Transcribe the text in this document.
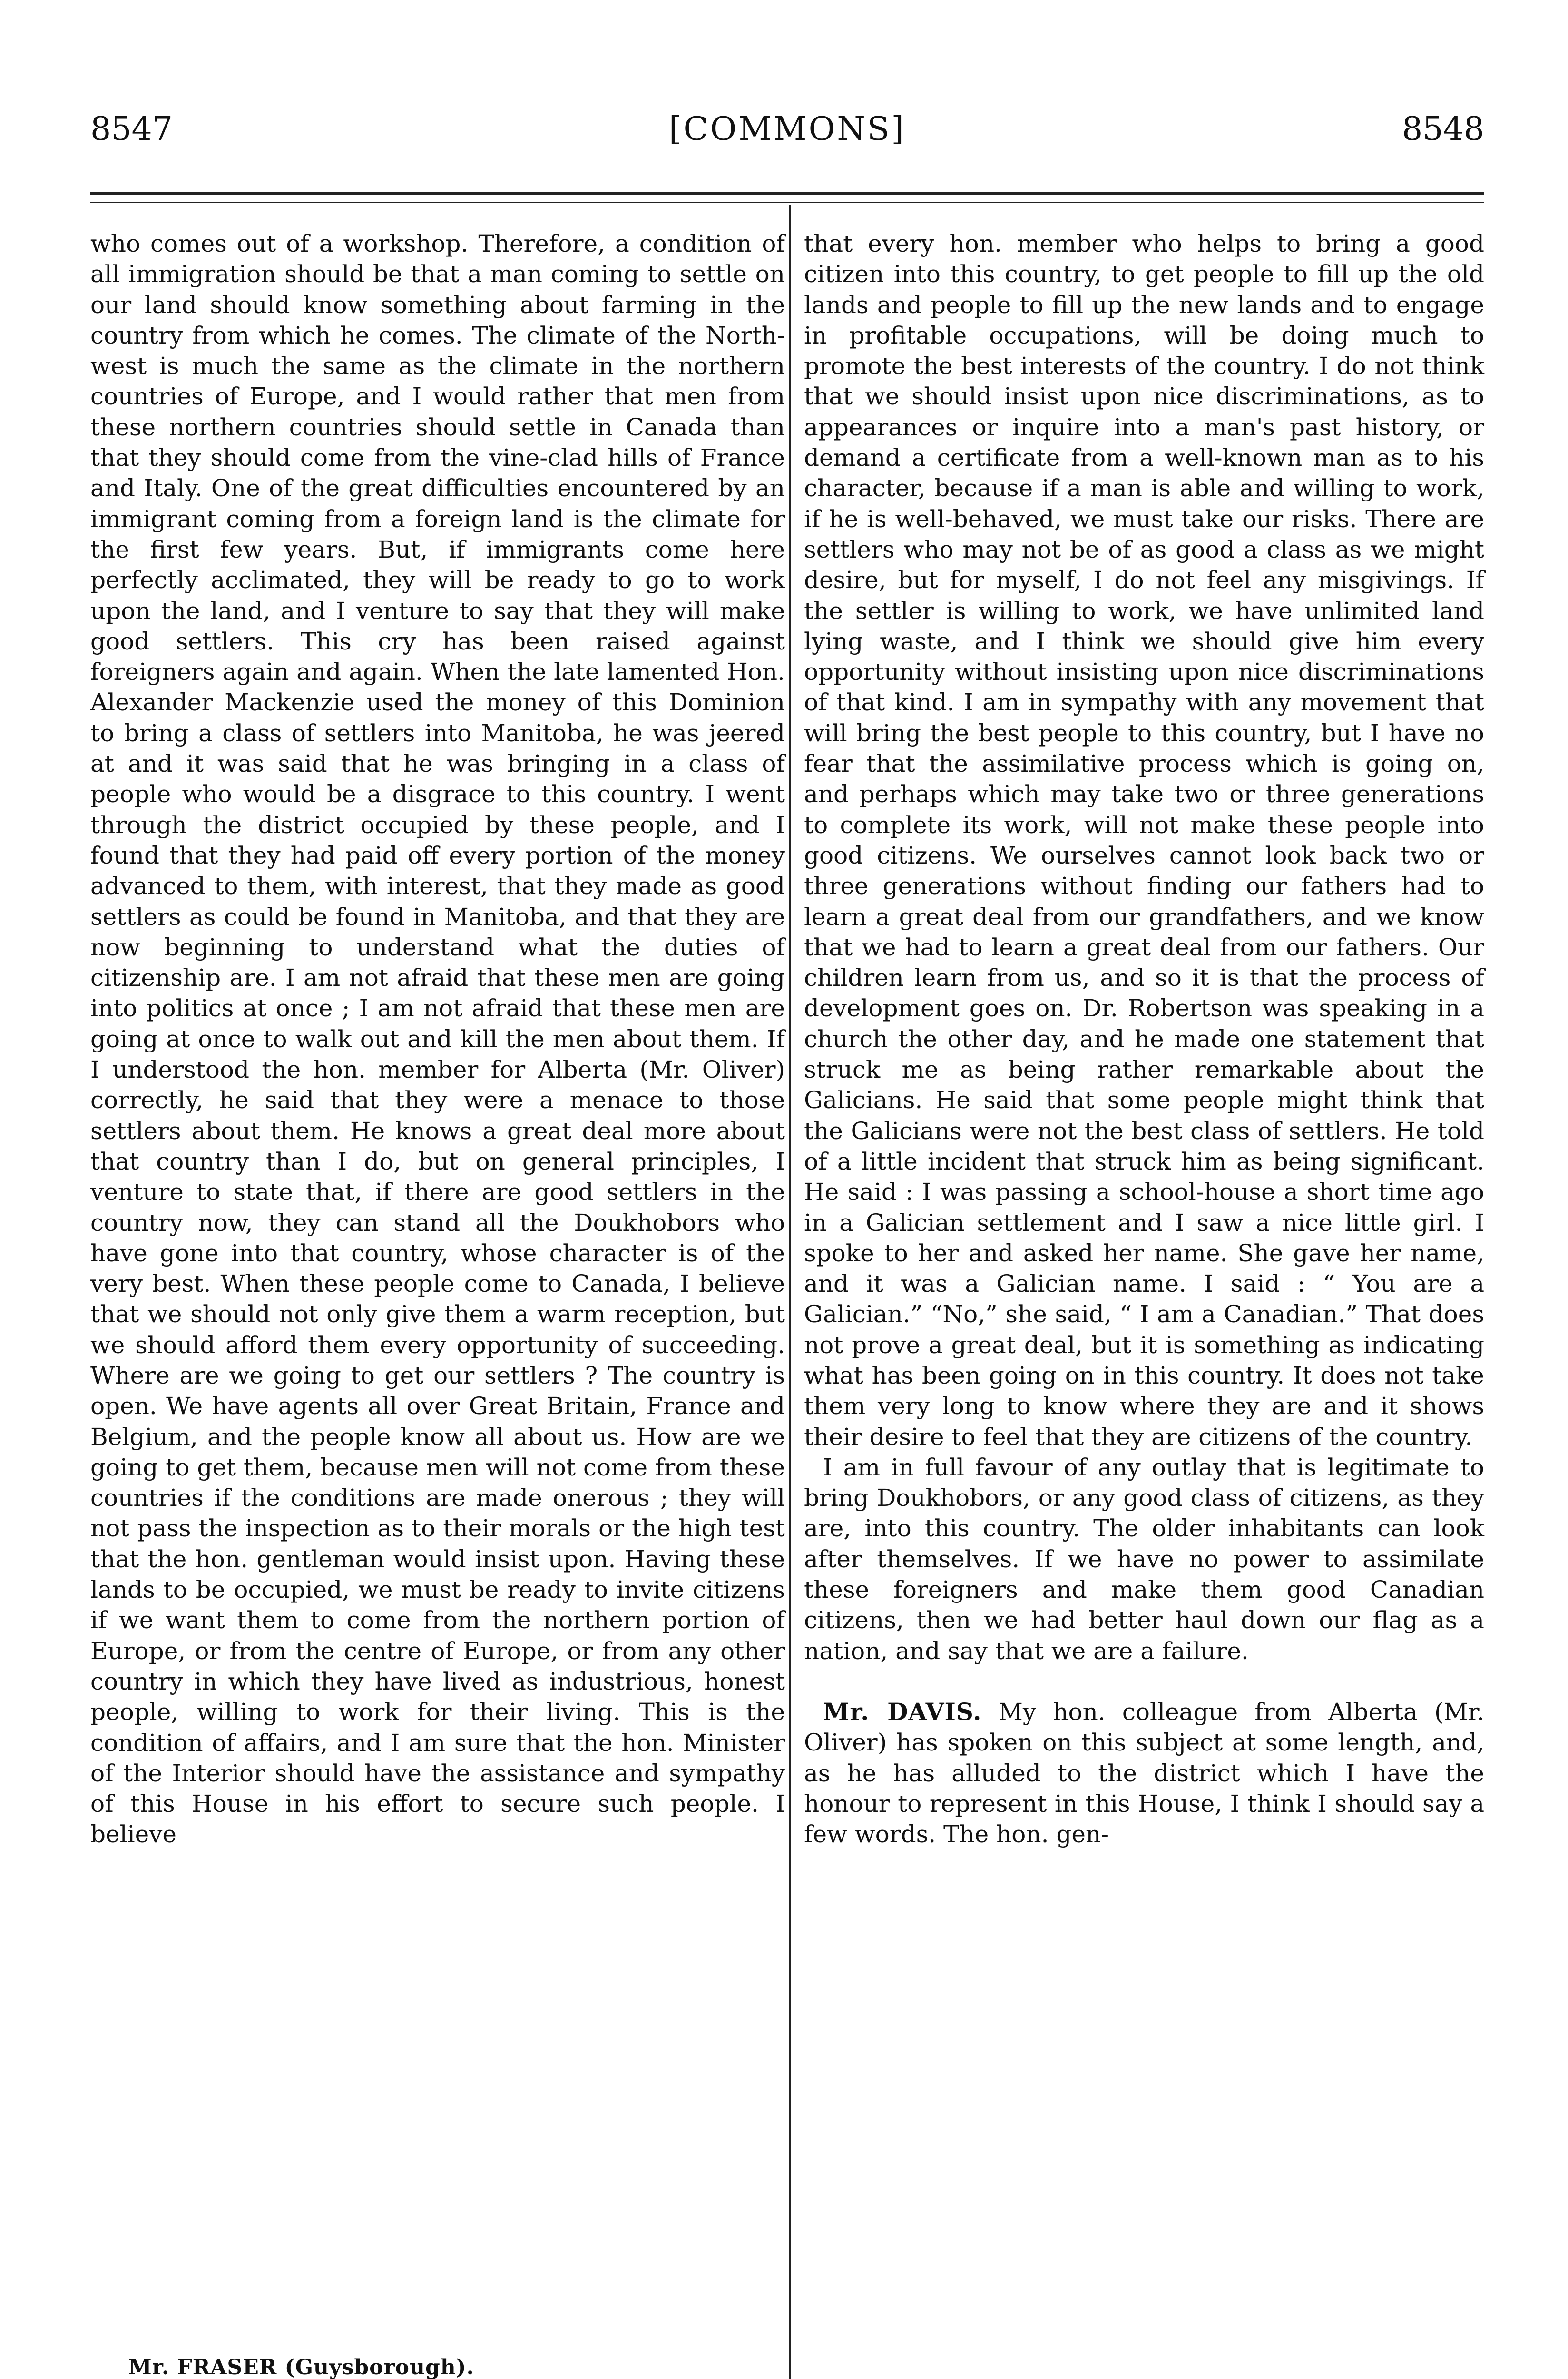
8547	[COMMONS]	8548

who comes out of a workshop. Therefore, a condition of all immigration should be that a man coming to settle on our land should know something about farming in the country from which he comes. The climate of the North-west is much the same as the climate in the northern countries of Europe, and I would rather that men from these northern countries should settle in Canada than that they should come from the vine-clad hills of France and Italy. One of the great difficulties encountered by an immigrant coming from a foreign land is the climate for the first few years. But, if immigrants come here perfectly acclimated, they will be ready to go to work upon the land, and I venture to say that they will make good settlers. This cry has been raised against foreigners again and again. When the late lamented Hon. Alexander Mackenzie used the money of this Dominion to bring a class of settlers into Manitoba, he was jeered at and it was said that he was bringing in a class of people who would be a disgrace to this country. I went through the district occupied by these people, and I found that they had paid off every portion of the money advanced to them, with interest, that they made as good settlers as could be found in Manitoba, and that they are now beginning to understand what the duties of citizenship are. I am not afraid that these men are going into politics at once ; I am not afraid that these men are going at once to walk out and kill the men about them. If I understood the hon. member for Alberta (Mr. Oliver) correctly, he said that they were a menace to those settlers about them. He knows a great deal more about that country than I do, but on general principles, I venture to state that, if there are good settlers in the country now, they can stand all the Doukhobors who have gone into that country, whose character is of the very best. When these people come to Canada, I believe that we should not only give them a warm reception, but we should afford them every opportunity of succeeding. Where are we going to get our settlers ? The country is open. We have agents all over Great Britain, France and Belgium, and the people know all about us. How are we going to get them, because men will not come from these countries if the conditions are made onerous ; they will not pass the inspection as to their morals or the high test that the hon. gentleman would insist upon. Having these lands to be occupied, we must be ready to invite citizens if we want them to come from the northern portion of Europe, or from the centre of Europe, or from any other country in which they have lived as industrious, honest people, willing to work for their living. This is the condition of affairs, and I am sure that the hon. Minister of the Interior should have the assistance and sympathy of this House in his effort to secure such people. I believe

that every hon. member who helps to bring a good citizen into this country, to get people to fill up the old lands and people to fill up the new lands and to engage in profitable occupations, will be doing much to promote the best interests of the country. I do not think that we should insist upon nice discriminations, as to appearances or inquire into a man's past history, or demand a certificate from a well-known man as to his character, because if a man is able and willing to work, if he is well-behaved, we must take our risks. There are settlers who may not be of as good a class as we might desire, but for myself, I do not feel any misgivings. If the settler is willing to work, we have unlimited land lying waste, and I think we should give him every opportunity without insisting upon nice discriminations of that kind. I am in sympathy with any movement that will bring the best people to this country, but I have no fear that the assimilative process which is going on, and perhaps which may take two or three generations to complete its work, will not make these people into good citizens. We ourselves cannot look back two or three generations without finding our fathers had to learn a great deal from our grandfathers, and we know that we had to learn a great deal from our fathers. Our children learn from us, and so it is that the process of development goes on. Dr. Robertson was speaking in a church the other day, and he made one statement that struck me as being rather remarkable about the Galicians. He said that some people might think that the Galicians were not the best class of settlers. He told of a little incident that struck him as being significant. He said : I was passing a school-house a short time ago in a Galician settlement and I saw a nice little girl. I spoke to her and asked her name. She gave her name, and it was a Galician name. I said : “ You are a Galician.” “No,” she said, “ I am a Canadian.” That does not prove a great deal, but it is something as indicating what has been going on in this country. It does not take them very long to know where they are and it shows their desire to feel that they are citizens of the country.

I am in full favour of any outlay that is legitimate to bring Doukhobors, or any good class of citizens, as they are, into this country. The older inhabitants can look after themselves. If we have no power to assimilate these foreigners and make them good Canadian citizens, then we had better haul down our flag as a nation, and say that we are a failure.

Mr. DAVIS. My hon. colleague from Alberta (Mr. Oliver) has spoken on this subject at some length, and, as he has alluded to the district which I have the honour to represent in this House, I think I should say a few words. The hon. gen-

Mr. FRASER (Guysborough).
